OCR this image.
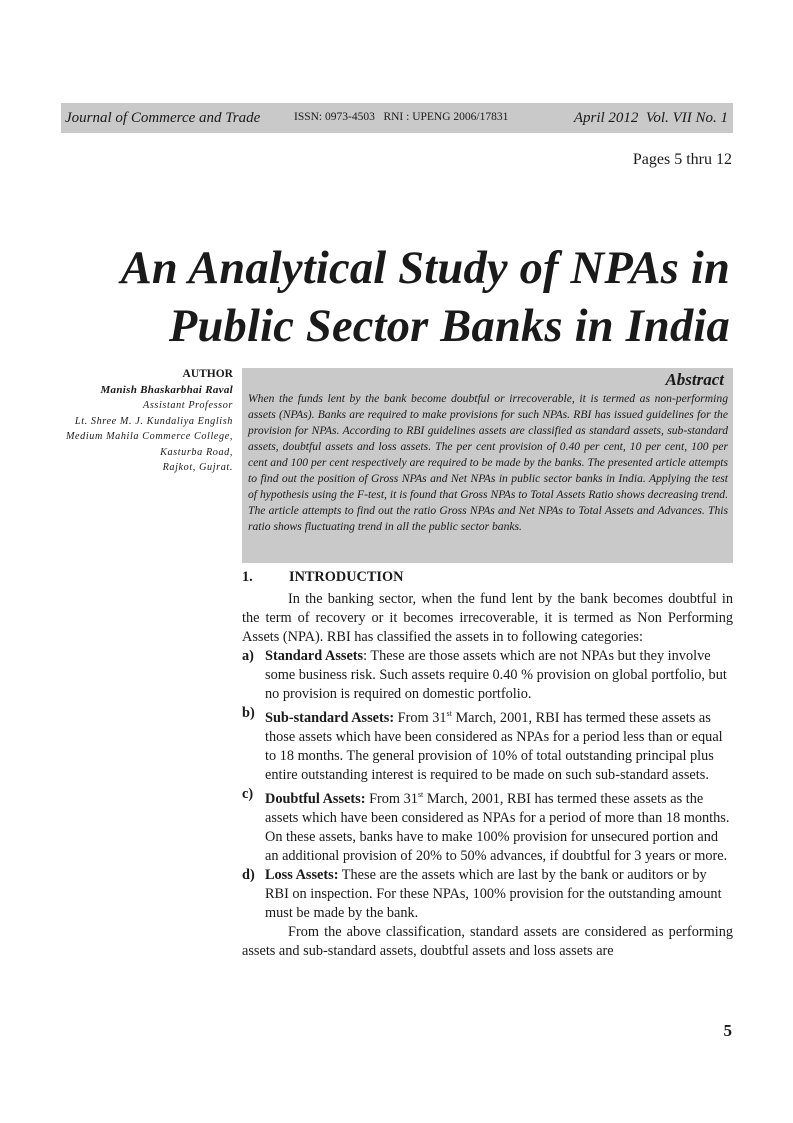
Journal of Commerce and Trade	ISSN: 0973-4503   RNI : UPENG 2006/17831	April 2012  Vol. VII No. 1
Pages 5 thru 12
An Analytical Study of NPAs in
Public Sector Banks in India
AUTHOR
Manish Bhaskarbhai Raval
Assistant Professor
Lt. Shree M. J. Kundaliya English
Medium Mahila Commerce College,
Kasturba Road,
Rajkot, Gujrat.
Abstract
When the funds lent by the bank become doubtful or irrecoverable, it is termed as non-performing assets (NPAs). Banks are required to make provisions for such NPAs. RBI has issued guidelines for the provision for NPAs. According to RBI guidelines assets are classified as standard assets, sub-standard assets, doubtful assets and loss assets. The per cent provision of 0.40 per cent, 10 per cent, 100 per cent and 100 per cent respectively are required to be made by the banks. The presented article attempts to find out the position of Gross NPAs and Net NPAs in public sector banks in India. Applying the test of hypothesis using the F-test, it is found that Gross NPAs to Total Assets Ratio shows decreasing trend. The article attempts to find out the ratio Gross NPAs and Net NPAs to Total Assets and Advances. This ratio shows fluctuating trend in all the public sector banks.

1.	INTRODUCTION

In the banking sector, when the fund lent by the bank becomes doubtful in the term of recovery or it becomes irrecoverable, it is termed as Non Performing Assets (NPA). RBI has classified the assets in to following categories:

a) Standard Assets: These are those assets which are not NPAs but they involve some business risk. Such assets require 0.40 % provision on global portfolio, but no provision is required on domestic portfolio.
b) Sub-standard Assets: From 31st March, 2001, RBI has termed these assets as those assets which have been considered as NPAs for a period less than or equal to 18 months. The general provision of 10% of total outstanding principal plus entire outstanding interest is required to be made on such sub-standard assets.
c) Doubtful Assets: From 31st March, 2001, RBI has termed these assets as the assets which have been considered as NPAs for a period of more than 18 months. On these assets, banks have to make 100% provision for unsecured portion and an additional provision of 20% to 50% advances, if doubtful for 3 years or more.
d) Loss Assets: These are the assets which are last by the bank or auditors or by RBI on inspection. For these NPAs, 100% provision for the outstanding amount must be made by the bank.

From the above classification, standard assets are considered as performing assets and sub-standard assets, doubtful assets and loss assets are

5
